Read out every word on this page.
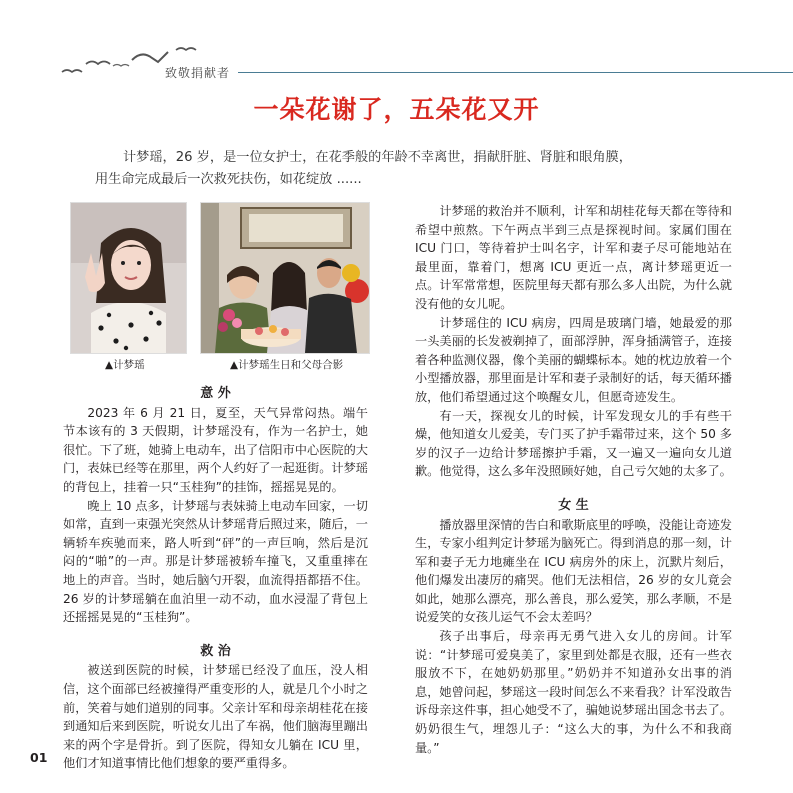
致敬捐献者
一朵花谢了，五朵花又开

计梦瑶，26 岁，是一位女护士，在花季般的年龄不幸离世，捐献肝脏、肾脏和眼角膜，

用生命完成最后一次救死扶伤，如花绽放 ......

▲计梦瑶	▲计梦瑶生日和父母合影
意 外

2023 年 6 月 21 日，夏至，天气异常闷热。端午节本该有的 3 天假期，计梦瑶没有，作为一名护士，她很忙。下了班，她骑上电动车，出了信阳市中心医院的大门，表妹已经等在那里，两个人约好了一起逛街。计梦瑶的背包上，挂着一只“玉桂狗”的挂饰，摇摇晃晃的。

晚上 10 点多，计梦瑶与表妹骑上电动车回家，一切如常，直到一束强光突然从计梦瑶背后照过来，随后，一辆轿车疾驰而来，路人听到“砰”的一声巨响，然后是沉闷的“啪”的一声。那是计梦瑶被轿车撞飞，又重重摔在地上的声音。当时，她后脑勺开裂，血流得捂都捂不住。26 岁的计梦瑶躺在血泊里一动不动，血水浸湿了背包上还摇摇晃晃的“玉桂狗”。

救 治

被送到医院的时候，计梦瑶已经没了血压，没人相信，这个面部已经被撞得严重变形的人，就是几个小时之前，笑着与她们道别的同事。父亲计军和母亲胡桂花在接到通知后来到医院，听说女儿出了车祸，他们脑海里蹦出来的两个字是骨折。到了医院，得知女儿躺在 ICU 里，他们才知道事情比他们想象的要严重得多。

计梦瑶的救治并不顺利，计军和胡桂花每天都在等待和希望中煎熬。下午两点半到三点是探视时间。家属们围在 ICU 门口，等待着护士叫名字，计军和妻子尽可能地站在最里面，靠着门，想离 ICU 更近一点，离计梦瑶更近一点。计军常常想，医院里每天都有那么多人出院，为什么就没有他的女儿呢。

计梦瑶住的 ICU 病房，四周是玻璃门墙，她最爱的那一头美丽的长发被剃掉了，面部浮肿，浑身插满管子，连接着各种监测仪器，像个美丽的蝴蝶标本。她的枕边放着一个小型播放器，那里面是计军和妻子录制好的话，每天循环播放，他们希望通过这个唤醒女儿，但愿奇迹发生。

有一天，探视女儿的时候，计军发现女儿的手有些干燥，他知道女儿爱美，专门买了护手霜带过来，这个 50 多岁的汉子一边给计梦瑶擦护手霜，又一遍又一遍向女儿道歉。他觉得，这么多年没照顾好她，自己亏欠她的太多了。

女 生

播放器里深情的告白和歌斯底里的呼唤，没能让奇迹发生，专家小组判定计梦瑶为脑死亡。得到消息的那一刻，计军和妻子无力地瘫坐在 ICU 病房外的床上，沉默片刻后，他们爆发出凄厉的痛哭。他们无法相信，26 岁的女儿竟会如此，她那么漂亮，那么善良，那么爱笑，那么孝顺，不是说爱笑的女孩儿运气不会太差吗？

孩子出事后，母亲再无勇气进入女儿的房间。计军说：“计梦瑶可爱臭美了，家里到处都是衣服，还有一些衣服放不下，在她奶奶那里。”奶奶并不知道孙女出事的消息，她曾问起，梦瑶这一段时间怎么不来看我？计军没敢告诉母亲这件事，担心她受不了，骗她说梦瑶出国念书去了。奶奶很生气，埋怨儿子：“这么大的事，为什么不和我商量。”

01
